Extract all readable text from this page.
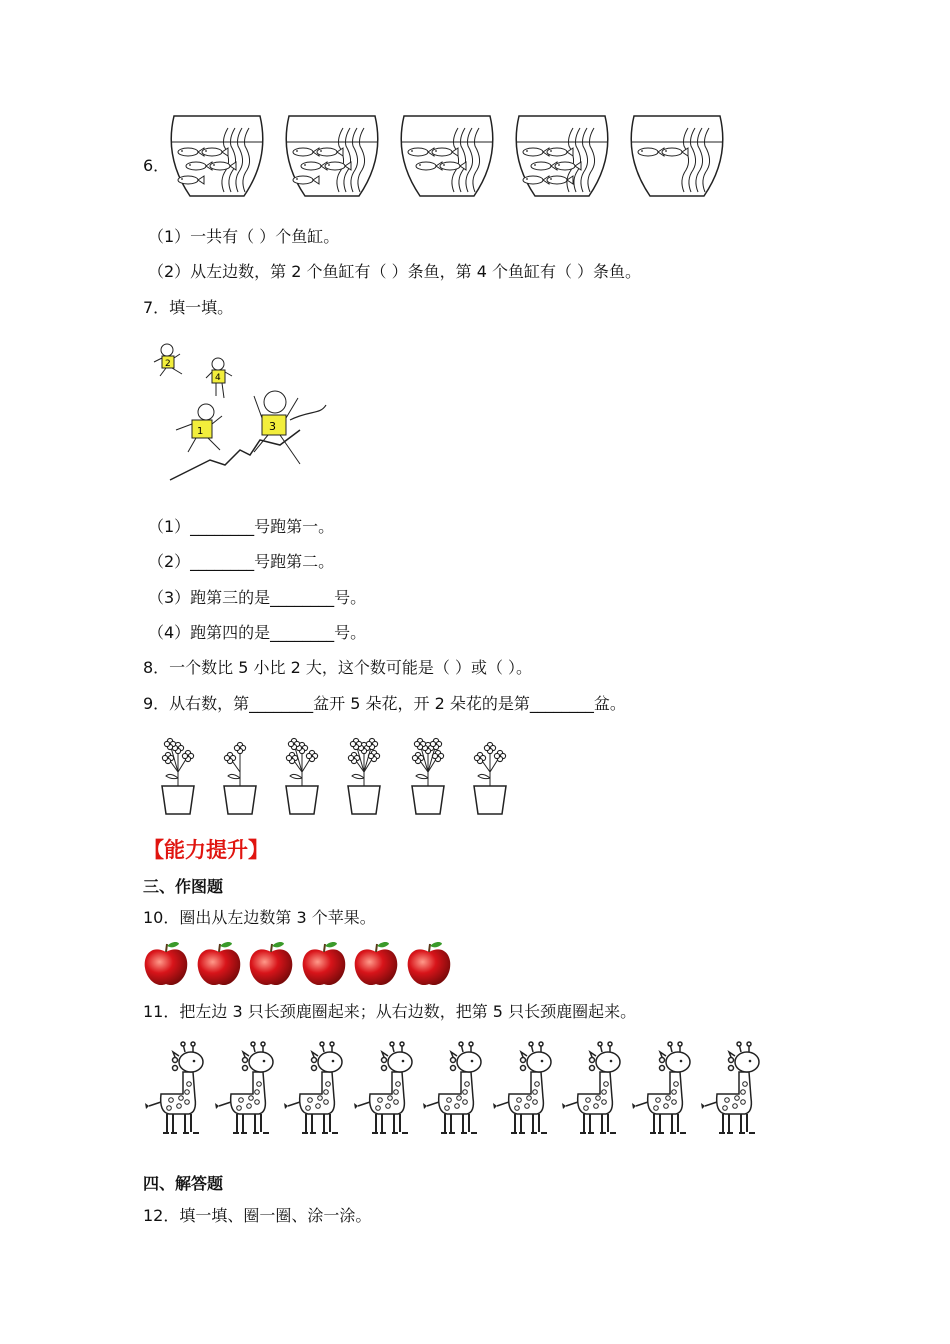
6．
（1）一共有（ ）个鱼缸。
（2）从左边数，第 2 个鱼缸有（ ）条鱼，第 4 个鱼缸有（ ）条鱼。
7．填一填。
2
4
1	3
（1）________号跑第一。
（2）________号跑第二。
（3）跑第三的是________号。
（4）跑第四的是________号。
8．一个数比 5 小比 2 大，这个数可能是（ ）或（ ）。
9．从右数，第________盆开 5 朵花，开 2 朵花的是第________盆。
【能力提升】
三、作图题
10．圈出从左边数第 3 个苹果。
11．把左边 3 只长颈鹿圈起来；从右边数，把第 5 只长颈鹿圈起来。
四、解答题
12．填一填、圈一圈、涂一涂。
